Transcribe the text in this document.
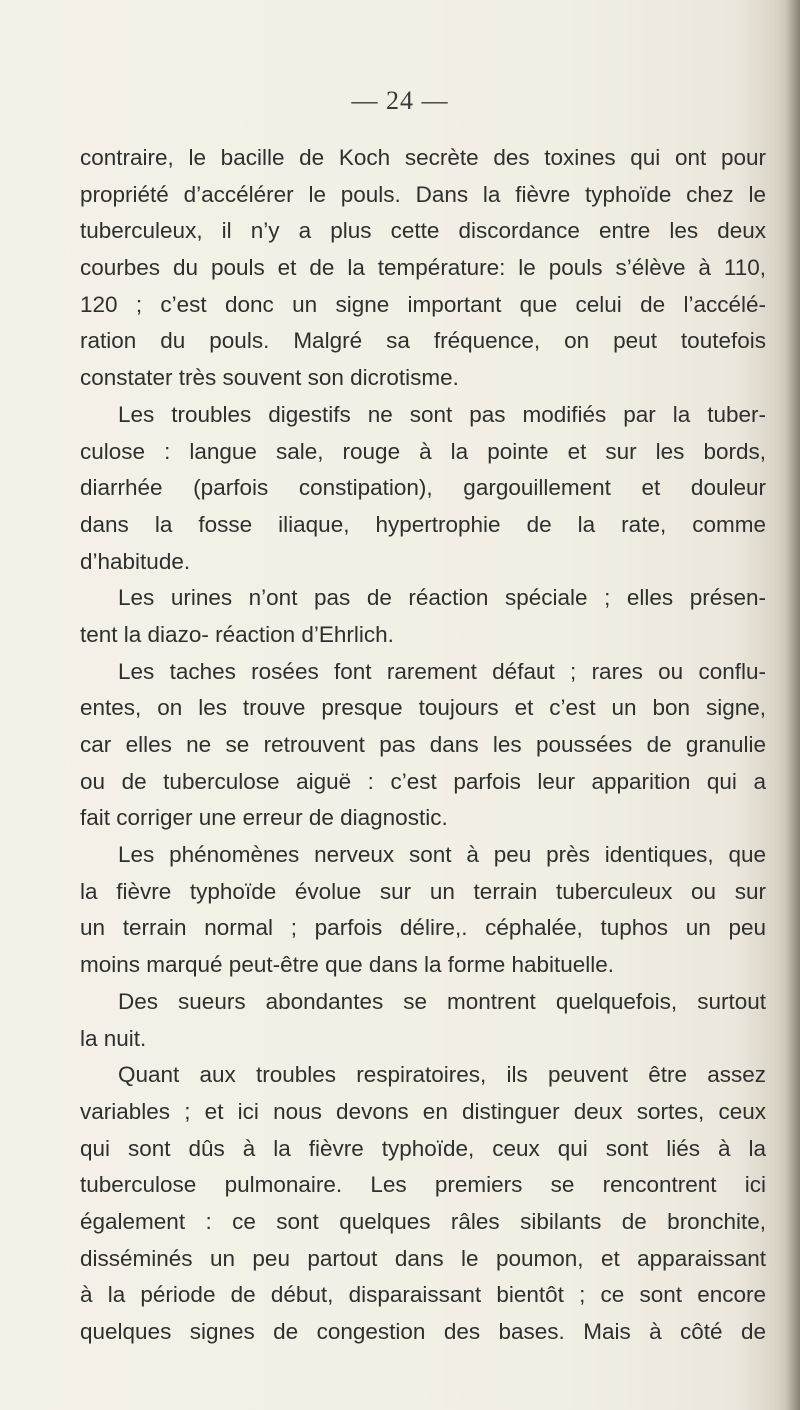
— 24 —
contraire, le bacille de Koch secrète des toxines qui ont pour
propriété d’accélérer le pouls. Dans la fièvre typhoïde chez le
tuberculeux, il n’y a plus cette discordance entre les deux
courbes du pouls et de la température: le pouls s’élève à 110,
120 ; c’est donc un signe important que celui de l’accélé-
ration du pouls. Malgré sa fréquence, on peut toutefois
constater très souvent son dicrotisme.
Les troubles digestifs ne sont pas modifiés par la tuber-
culose : langue sale, rouge à la pointe et sur les bords,
diarrhée (parfois constipation), gargouillement et douleur
dans la fosse iliaque, hypertrophie de la rate, comme
d’habitude.
Les urines n’ont pas de réaction spéciale ; elles présen-
tent la diazo- réaction d’Ehrlich.
Les taches rosées font rarement défaut ; rares ou conflu-
entes, on les trouve presque toujours et c’est un bon signe,
car elles ne se retrouvent pas dans les poussées de granulie
ou de tuberculose aiguë : c’est parfois leur apparition qui a
fait corriger une erreur de diagnostic.
Les phénomènes nerveux sont à peu près identiques, que
la fièvre typhoïde évolue sur un terrain tuberculeux ou sur
un terrain normal ; parfois délire,. céphalée, tuphos un peu
moins marqué peut-être que dans la forme habituelle.
Des sueurs abondantes se montrent quelquefois, surtout
la nuit.
Quant aux troubles respiratoires, ils peuvent être assez
variables ; et ici nous devons en distinguer deux sortes, ceux
qui sont dûs à la fièvre typhoïde, ceux qui sont liés à la
tuberculose pulmonaire. Les premiers se rencontrent ici
également : ce sont quelques râles sibilants de bronchite,
disséminés un peu partout dans le poumon, et apparaissant
à la période de début, disparaissant bientôt ; ce sont encore
quelques signes de congestion des bases. Mais à côté de
